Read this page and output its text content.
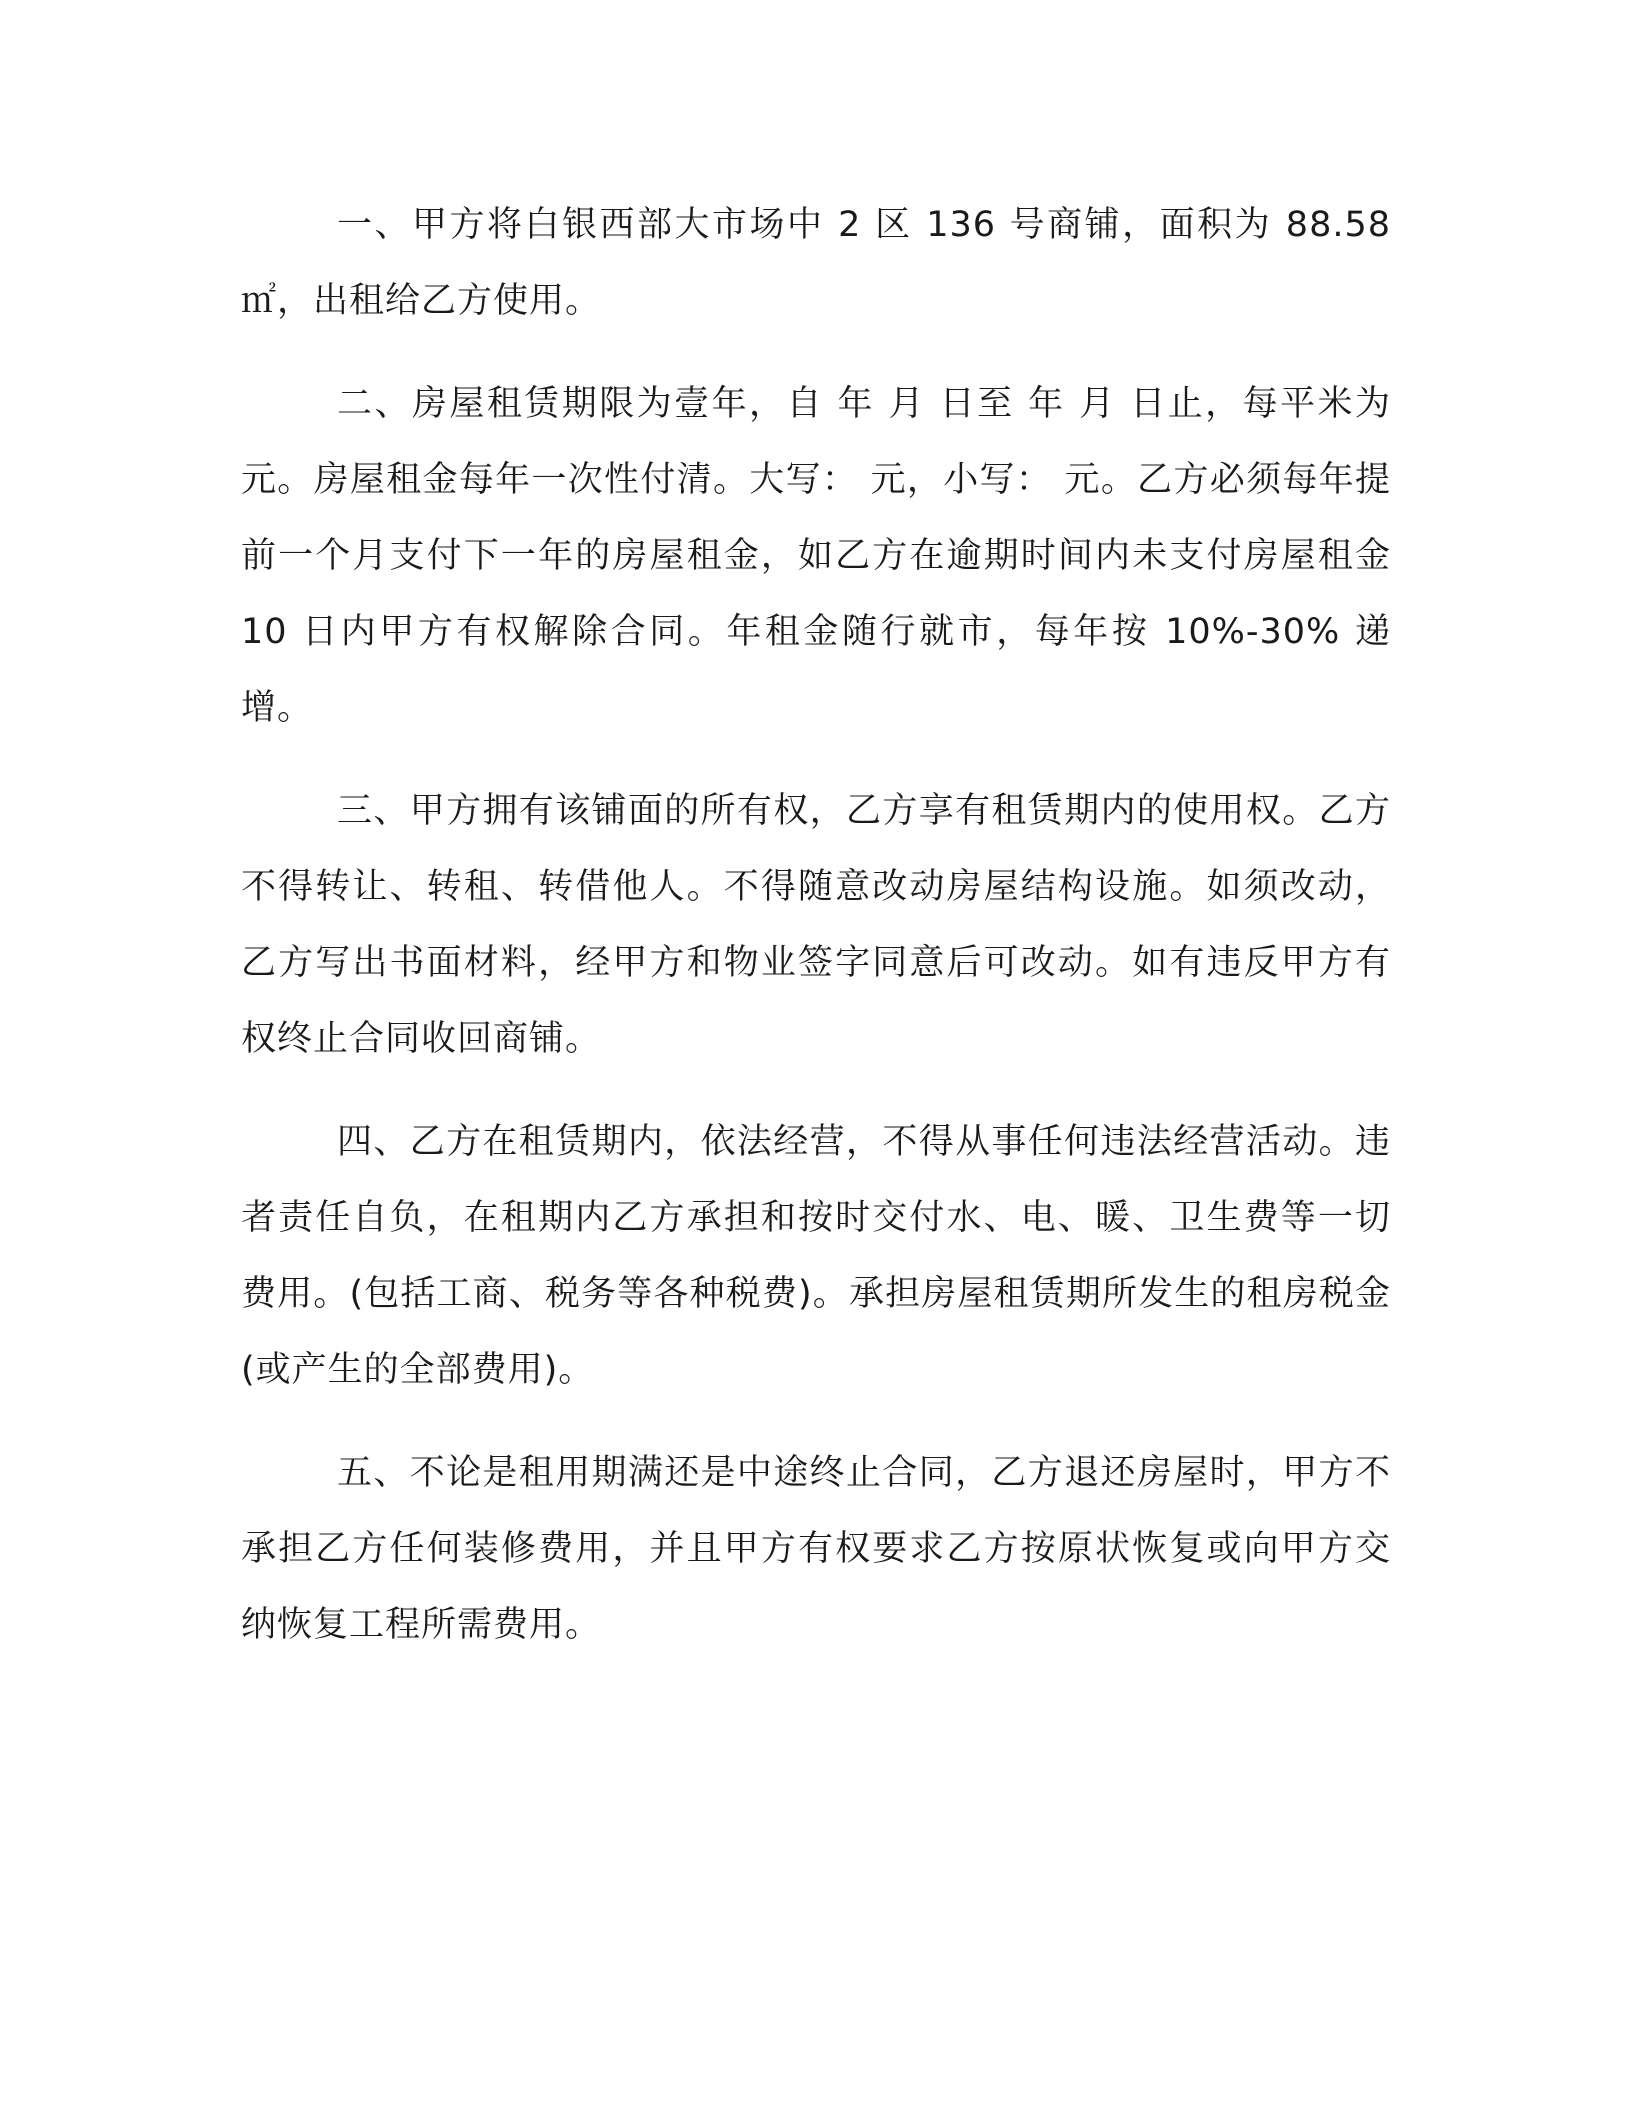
一、甲方将白银西部大市场中 2 区 136 号商铺，面积为 88.58 ㎡，出租给乙方使用。

二、房屋租赁期限为壹年，自 年 月 日至 年 月 日止，每平米为 元。房屋租金每年一次性付清。大写： 元，小写： 元。乙方必须每年提前一个月支付下一年的房屋租金，如乙方在逾期时间内未支付房屋租金 10 日内甲方有权解除合同。年租金随行就市，每年按 10%-30% 递增。

三、甲方拥有该铺面的所有权，乙方享有租赁期内的使用权。乙方不得转让、转租、转借他人。不得随意改动房屋结构设施。如须改动，乙方写出书面材料，经甲方和物业签字同意后可改动。如有违反甲方有权终止合同收回商铺。

四、乙方在租赁期内，依法经营，不得从事任何违法经营活动。违者责任自负，在租期内乙方承担和按时交付水、电、暖、卫生费等一切费用。(包括工商、税务等各种税费)。承担房屋租赁期所发生的租房税金(或产生的全部费用)。

五、不论是租用期满还是中途终止合同，乙方退还房屋时，甲方不承担乙方任何装修费用，并且甲方有权要求乙方按原状恢复或向甲方交纳恢复工程所需费用。
